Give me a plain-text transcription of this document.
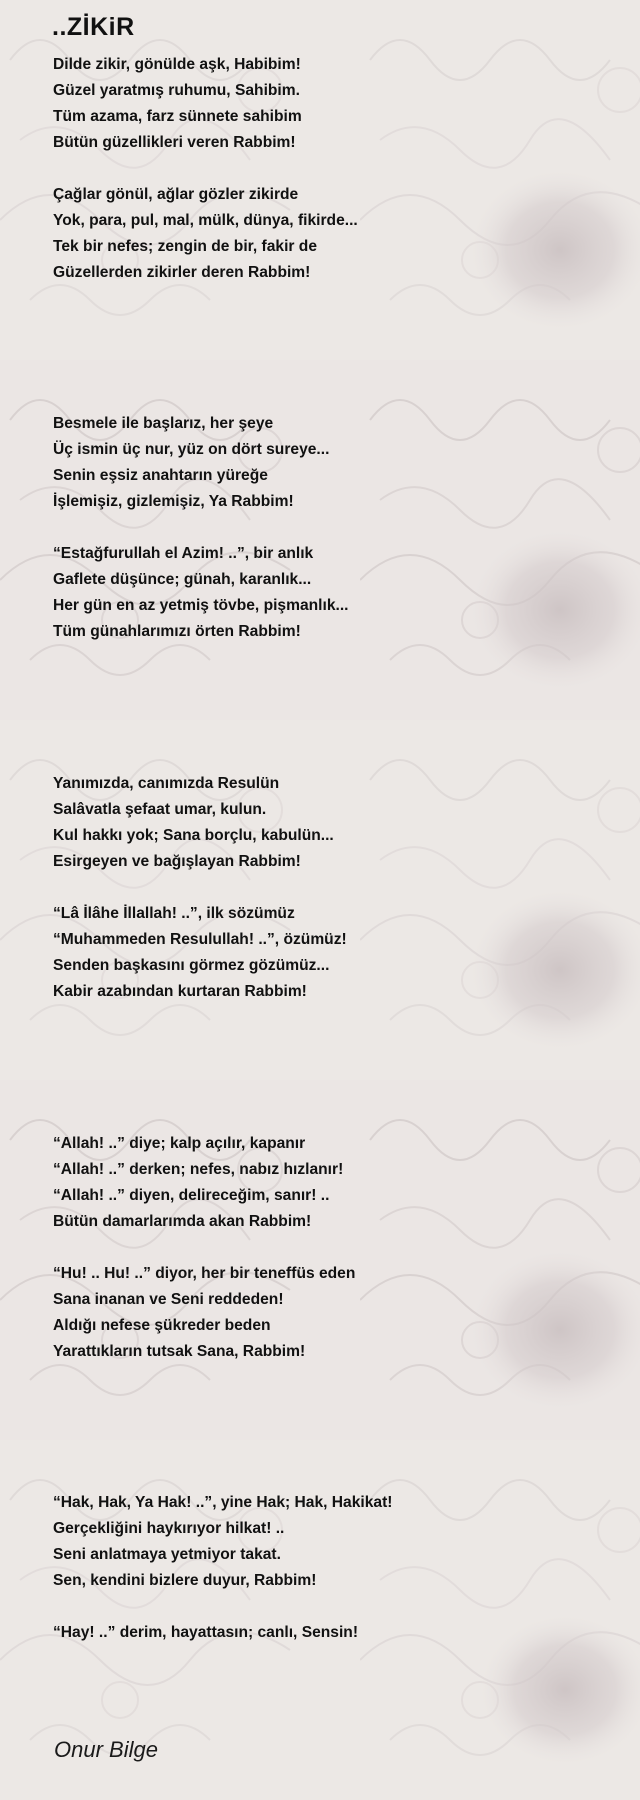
..ZİKiR
Dilde zikir, gönülde aşk, Habibim!
Güzel yaratmış ruhumu, Sahibim.
Tüm azama, farz sünnete sahibim
Bütün güzellikleri veren Rabbim!
Çağlar gönül, ağlar gözler zikirde
Yok, para, pul, mal, mülk, dünya, fikirde...
Tek bir nefes; zengin de bir, fakir de
Güzellerden zikirler deren Rabbim!
Besmele ile başlarız, her şeye
Üç ismin üç nur, yüz on dört sureye...
Senin eşsiz anahtarın yüreğe
İşlemişiz, gizlemişiz, Ya Rabbim!
“Estağfurullah el Azim! ..”, bir anlık
Gaflete düşünce; günah, karanlık...
Her gün en az yetmiş tövbe, pişmanlık...
Tüm günahlarımızı örten Rabbim!
Yanımızda, canımızda Resulün
Salâvatla şefaat umar, kulun.
Kul hakkı yok; Sana borçlu, kabulün...
Esirgeyen ve bağışlayan Rabbim!
“Lâ İlâhe İllallah! ..”, ilk sözümüz
“Muhammeden Resulullah! ..”, özümüz!
Senden başkasını görmez gözümüz...
Kabir azabından kurtaran Rabbim!
“Allah! ..” diye; kalp açılır, kapanır
“Allah! ..” derken; nefes, nabız hızlanır!
“Allah! ..” diyen, delireceğim, sanır! ..
Bütün damarlarımda akan Rabbim!
“Hu! .. Hu! ..” diyor, her bir teneffüs eden
Sana inanan ve Seni reddeden!
Aldığı nefese şükreder beden
Yarattıkların tutsak Sana, Rabbim!
“Hak, Hak, Ya Hak! ..”, yine Hak; Hak, Hakikat!
Gerçekliğini haykırıyor hilkat! ..
Seni anlatmaya yetmiyor takat.
Sen, kendini bizlere duyur, Rabbim!
“Hay! ..” derim, hayattasın; canlı, Sensin!

Onur Bilge
